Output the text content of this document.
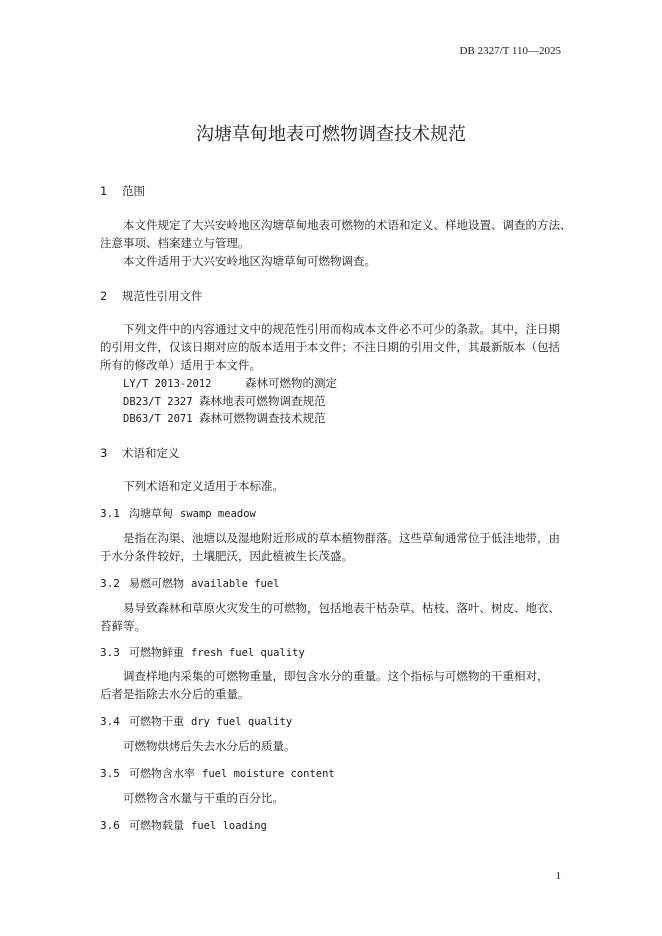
DB 2327/T 110—2025
沟塘草甸地表可燃物调查技术规范
1 范围
本文件规定了大兴安岭地区沟塘草甸地表可燃物的术语和定义、样地设置、调查的方法、
注意事项、档案建立与管理。
本文件适用于大兴安岭地区沟塘草甸可燃物调查。
2 规范性引用文件
下列文件中的内容通过文中的规范性引用而构成本文件必不可少的条款。其中，注日期
的引用文件，仅该日期对应的版本适用于本文件；不注日期的引用文件，其最新版本（包括
所有的修改单）适用于本文件。
LY/T 2013-2012	森林可燃物的测定
DB23/T 2327 森林地表可燃物调查规范
DB63/T 2071 森林可燃物调查技术规范
3 术语和定义
下列术语和定义适用于本标准。
3.1 沟塘草甸 swamp meadow
是指在沟渠、池塘以及湿地附近形成的草本植物群落。这些草甸通常位于低洼地带，由
于水分条件较好，土壤肥沃，因此植被生长茂盛。
3.2 易燃可燃物 available fuel
易导致森林和草原火灾发生的可燃物，包括地表干枯杂草、枯枝、落叶、树皮、地衣、
苔藓等。
3.3 可燃物鲜重 fresh fuel quality
调查样地内采集的可燃物重量，即包含水分的重量。这个指标与可燃物的干重相对，
后者是指除去水分后的重量。
3.4 可燃物干重 dry fuel quality
可燃物烘烤后失去水分后的质量。
3.5 可燃物含水率 fuel moisture content
可燃物含水量与干重的百分比。
3.6 可燃物载量 fuel loading
1
